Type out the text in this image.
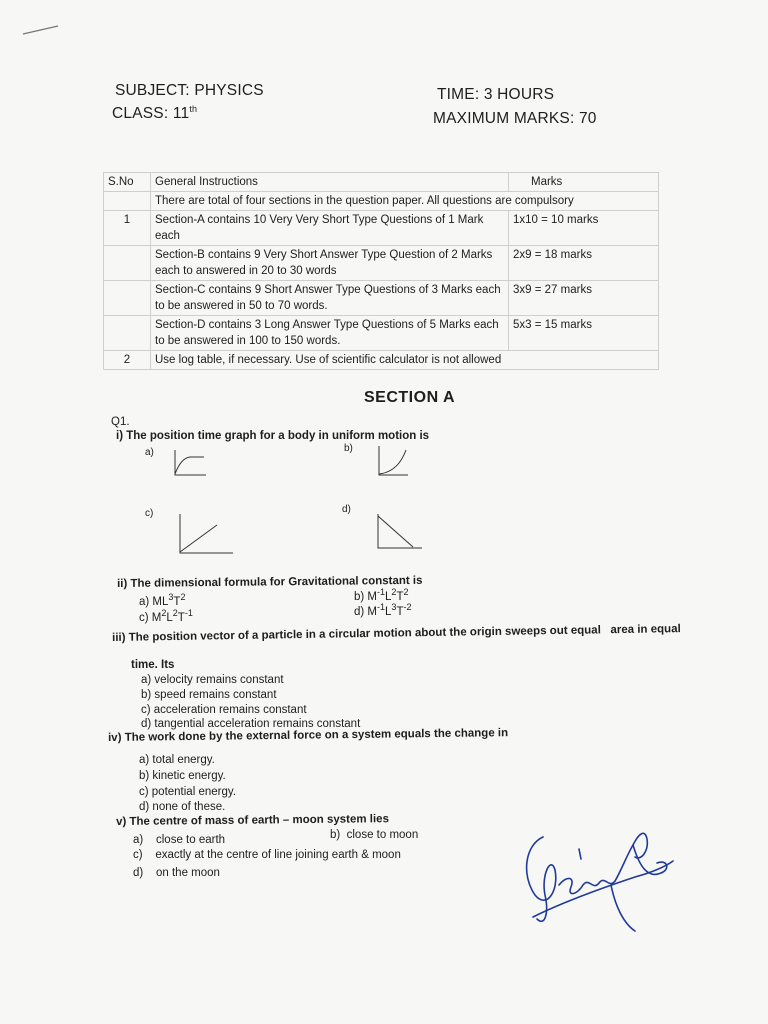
SUBJECT: PHYSICS
CLASS: 11th
TIME: 3 HOURS
MAXIMUM MARKS: 70
S.No	General Instructions	Marks
	There are total of four sections in the question paper. All questions are compulsory	
1	Section-A contains 10 Very Very Short Type Questions of 1 Mark each	1x10 = 10 marks
	Section-B contains 9 Very Short Answer Type Question of 2 Marks each to answered in 20 to 30 words	2x9 = 18 marks
	Section-C contains 9 Short Answer Type Questions of 3 Marks each to be answered in 50 to 70 words.	3x9 = 27 marks
	Section-D contains 3 Long Answer Type Questions of 5 Marks each to be answered in 100 to 150 words.	5x3 = 15 marks
2	Use log table, if necessary. Use of scientific calculator is not allowed	
SECTION A
Q1.
i) The position time graph for a body in uniform motion is
a)	b)
c)	d)
ii) The dimensional formula for Gravitational constant is
a) $ML^3T^2$	b) $M^{-1}L^2T^2$
c) $M^2L^2T^{-1}$	d) $M^{-1}L^3T^{-2}$
iii) The position vector of a particle in a circular motion about the origin sweeps out equal   area in equal
time. Its
a) velocity remains constant
b) speed remains constant
c) acceleration remains constant
d) tangential acceleration remains constant
iv) The work done by the external force on a system equals the change in
a) total energy.
b) kinetic energy.
c) potential energy.
d) none of these.
v) The centre of mass of earth – moon system lies
a)    close to earth	b)  close to moon
c)    exactly at the centre of line joining earth & moon
d)    on the moon
